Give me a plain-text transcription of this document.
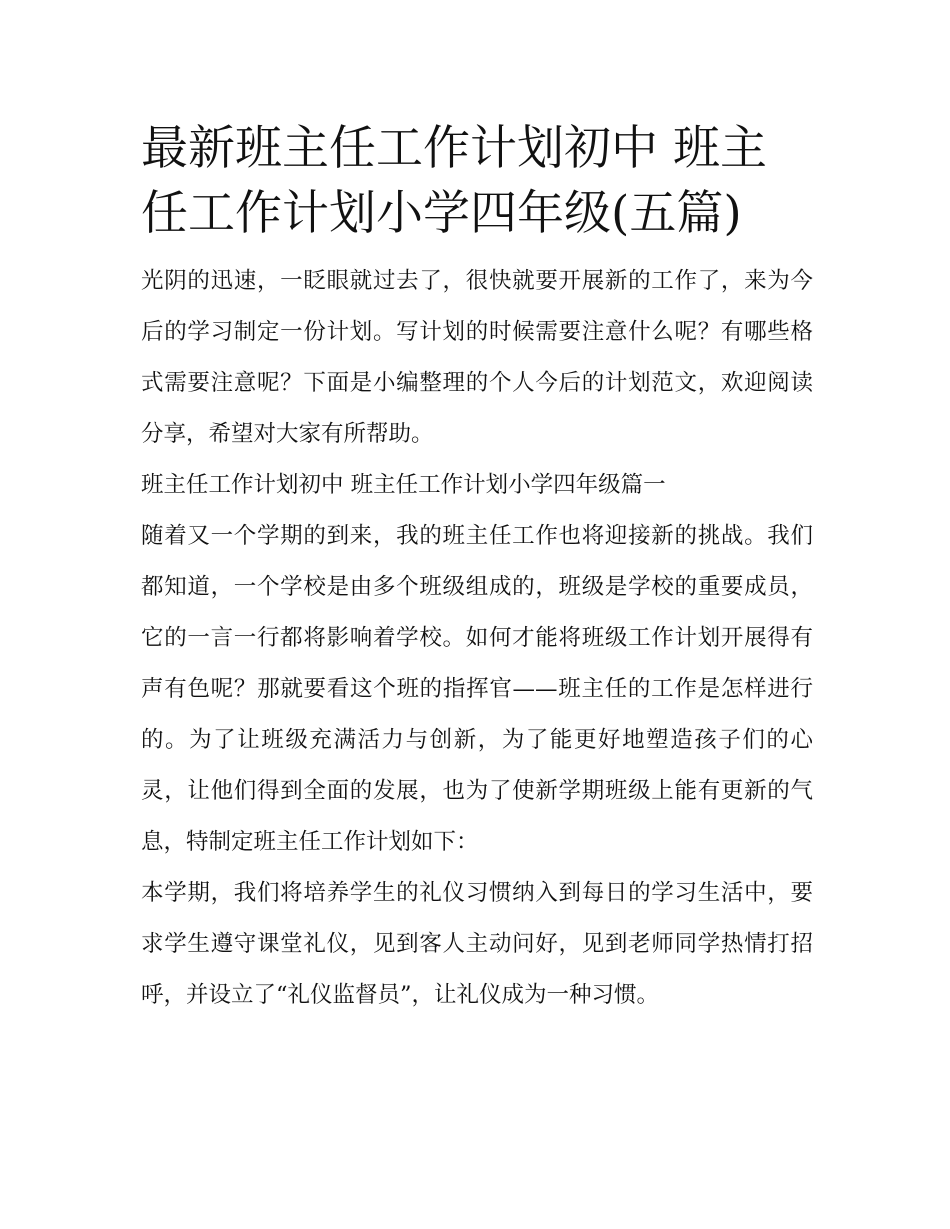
最新班主任工作计划初中 班主任工作计划小学四年级(五篇)

光阴的迅速，一眨眼就过去了，很快就要开展新的工作了，来为今后的学习制定一份计划。写计划的时候需要注意什么呢？有哪些格式需要注意呢？下面是小编整理的个人今后的计划范文，欢迎阅读分享，希望对大家有所帮助。

班主任工作计划初中 班主任工作计划小学四年级篇一

随着又一个学期的到来，我的班主任工作也将迎接新的挑战。我们都知道，一个学校是由多个班级组成的，班级是学校的重要成员，它的一言一行都将影响着学校。如何才能将班级工作计划开展得有声有色呢？那就要看这个班的指挥官——班主任的工作是怎样进行的。为了让班级充满活力与创新，为了能更好地塑造孩子们的心灵，让他们得到全面的发展，也为了使新学期班级上能有更新的气息，特制定班主任工作计划如下：

本学期，我们将培养学生的礼仪习惯纳入到每日的学习生活中，要求学生遵守课堂礼仪，见到客人主动问好，见到老师同学热情打招呼，并设立了“礼仪监督员”，让礼仪成为一种习惯。
